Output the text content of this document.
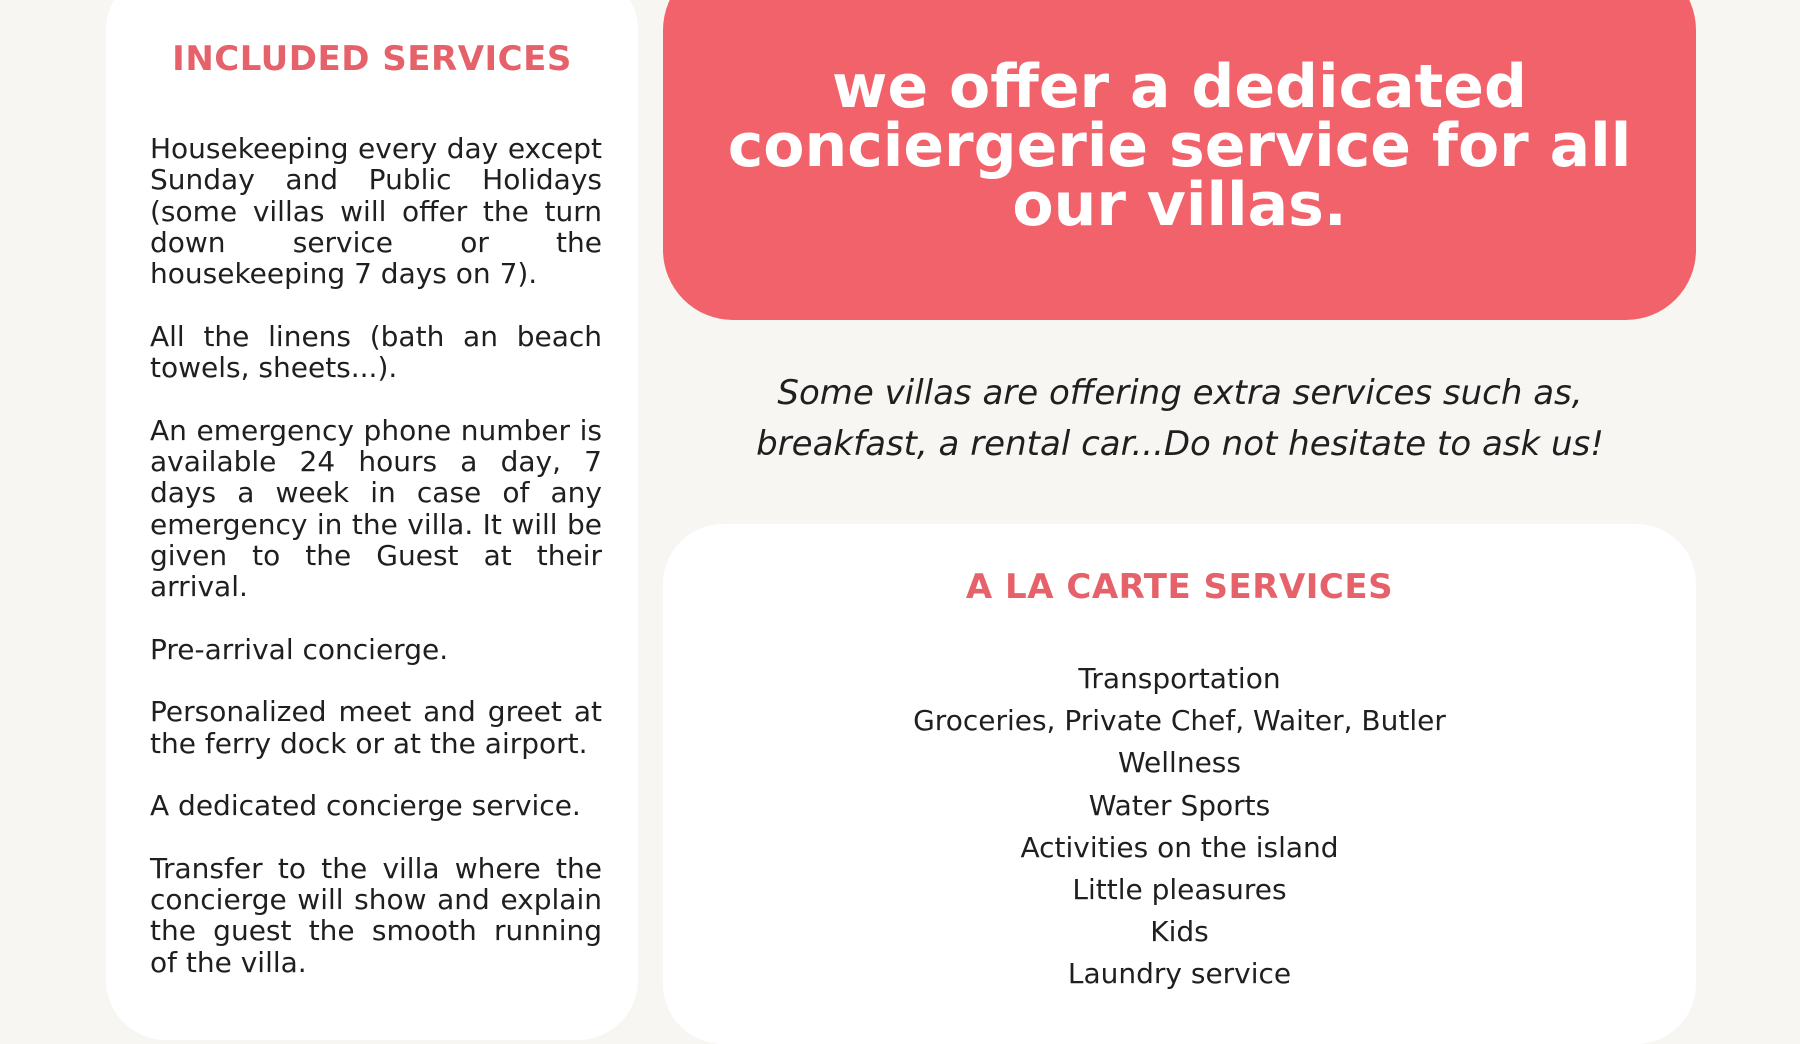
INCLUDED SERVICES
Housekeeping every day except Sunday and Public Holidays (some villas will offer the turn down service or the housekeeping 7 days on 7).
All the linens (bath an beach towels, sheets...).
An emergency phone number is available 24 hours a day, 7 days a week in case of any emergency in the villa. It will be given to the Guest at their arrival.
Pre-arrival concierge.
Personalized meet and greet at the ferry dock or at the airport.
A dedicated concierge service.
Transfer to the villa where the concierge will show and explain the guest the smooth running of the villa.

we offer a dedicated conciergerie service for all our villas.

Some villas are offering extra services such as, breakfast, a rental car...Do not hesitate to ask us!

A LA CARTE SERVICES
Transportation
Groceries, Private Chef, Waiter, Butler
Wellness
Water Sports
Activities on the island
Little pleasures
Kids
Laundry service
